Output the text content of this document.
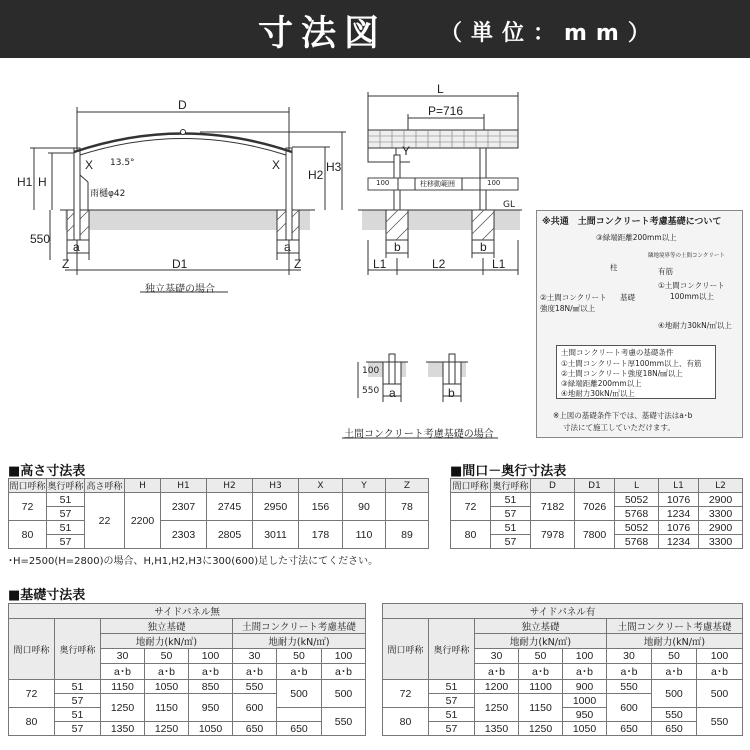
寸法図 （単位：mm）
D
X	X
13.5°
雨樋φ42
H
H1	H2
H3
550
a	a
Z	Z
D1
独立基礎の場合
L
P=716
Y
100	柱移動範囲	100
GL
b	b
L1	L2	L1
100
550 a	b
土間コンクリート考慮基礎の場合
※共通　土間コンクリート考慮基礎について
③緑端距離200mm以上
柱
隣地境界等の土間コンクリート
有筋
①土間コンクリート
100mm以上
②土間コンクリート
強度18N/㎟以上
基礎
④地耐力30kN/㎡以上
土間コンクリート考慮の基礎条件
①土間コンクリート厚100mm以上、有筋
②土間コンクリート強度18N/㎟以上
③緑端距離200mm以上
④地耐力30kN/㎡以上
※上図の基礎条件下では、基礎寸法はa･b
寸法にて施工していただけます。
■高さ寸法表
間口呼称	奥行呼称	高さ呼称	H	H1	H2	H3	X	Y	Z
72	51	22	2200	2307	2745	2950	156	90	78
	57								
80	51			2303	2805	3011	178	110	89
	57								
･H=2500(H=2800)の場合、H,H1,H2,H3に300(600)足した寸法にてください。
■間口－奥行寸法表
間口呼称	奥行呼称	D	D1	L	L1	L2
72	51	7182	7026	5052	1076	2900
	57			5768	1234	3300
80	51	7978	7800	5052	1076	2900
	57			5768	1234	3300
■基礎寸法表
サイドパネル無							
間口呼称	奥行呼称	独立基礎			土間コンクリート考慮基礎		
		地耐力(kN/㎡)			地耐力(kN/㎡)		
		30	50	100	30	50	100
		a･b	a･b	a･b	a･b	a･b	a･b
72	51	1150	1050	850	550	500	500
	57	1250	1150	950	600		
80	51						550
	57	1350	1250	1050	650	650	
サイドパネル有							
間口呼称	奥行呼称	独立基礎			土間コンクリート考慮基礎		
		地耐力(kN/㎡)			地耐力(kN/㎡)		
		30	50	100	30	50	100
		a･b	a･b	a･b	a･b	a･b	a･b
72	51	1200	1100	900	550	500	500
	57	1250	1150	1000	600		
80	51			950		550	550
	57	1350	1250	1050	650	650	
